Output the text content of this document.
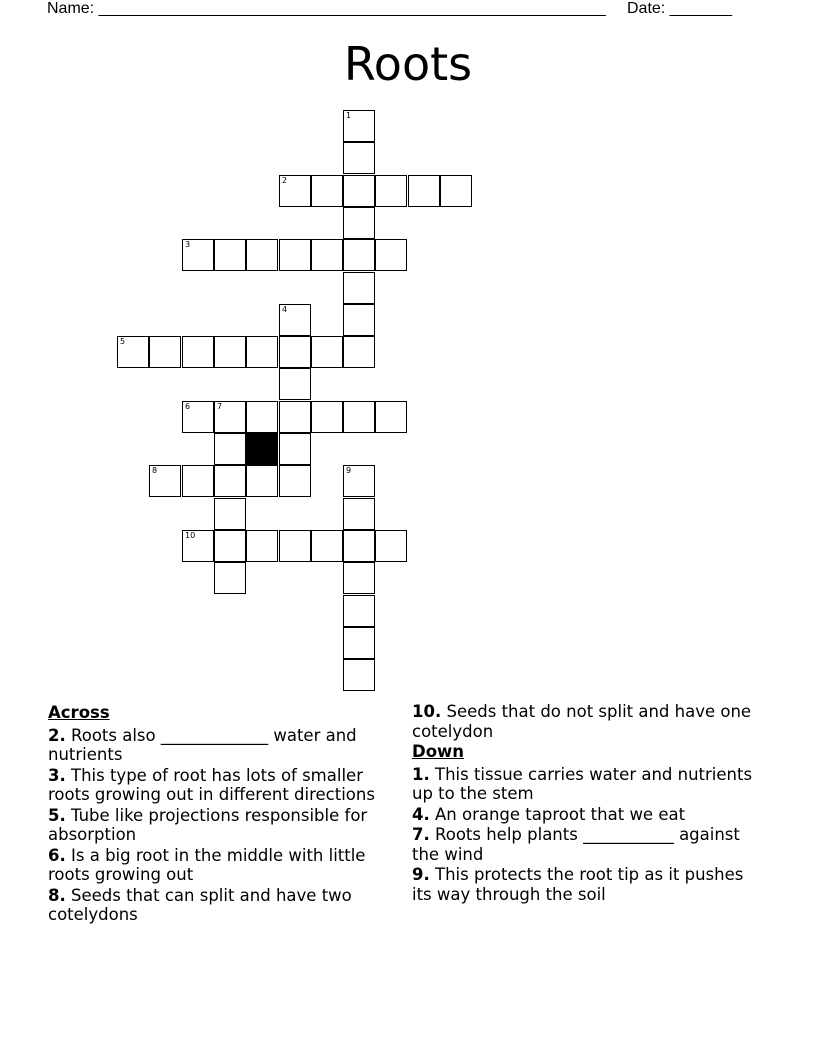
Name: _________________________________________________________ Date: _______
Roots
1
2
3
4
5
6	7
8	9
10
Across
2. Roots also _____________ water and nutrients
3. This type of root has lots of smaller roots growing out in different directions
5. Tube like projections responsible for absorption
6. Is a big root in the middle with little roots growing out
8. Seeds that can split and have two cotelydons
10. Seeds that do not split and have one cotelydon
Down
1. This tissue carries water and nutrients up to the stem
4. An orange taproot that we eat
7. Roots help plants ___________ against the wind
9. This protects the root tip as it pushes its way through the soil
